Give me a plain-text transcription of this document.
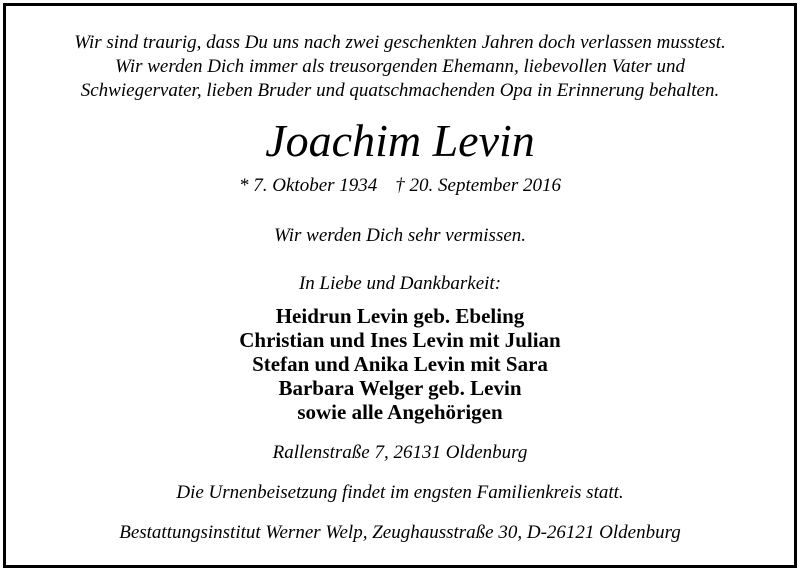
Wir sind traurig, dass Du uns nach zwei geschenkten Jahren doch verlassen musstest.
Wir werden Dich immer als treusorgenden Ehemann, liebevollen Vater und
Schwiegervater, lieben Bruder und quatschmachenden Opa in Erinnerung behalten.
Joachim Levin
* 7. Oktober 1934 † 20. September 2016
Wir werden Dich sehr vermissen.
In Liebe und Dankbarkeit:
Heidrun Levin geb. Ebeling
Christian und Ines Levin mit Julian
Stefan und Anika Levin mit Sara
Barbara Welger geb. Levin
sowie alle Angehörigen
Rallenstraße 7, 26131 Oldenburg
Die Urnenbeisetzung findet im engsten Familienkreis statt.
Bestattungsinstitut Werner Welp, Zeughausstraße 30, D-26121 Oldenburg
